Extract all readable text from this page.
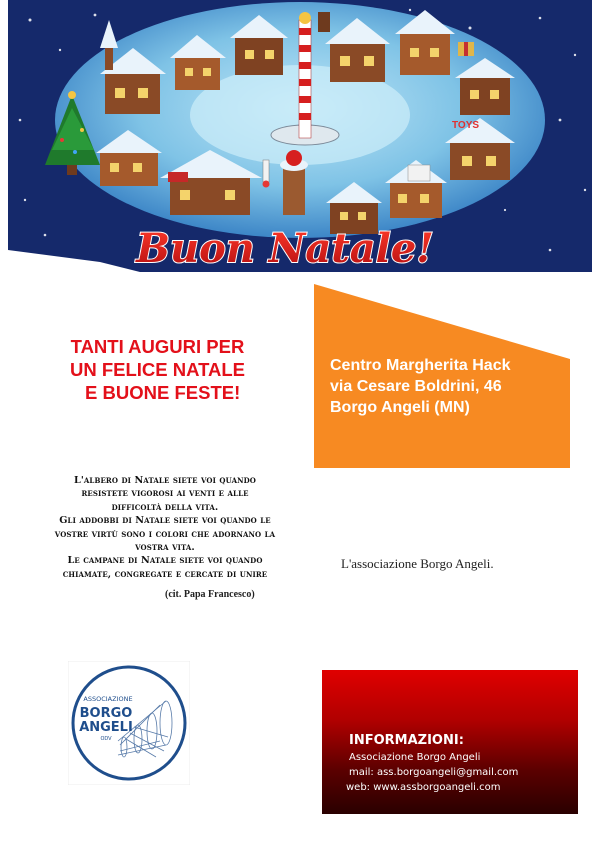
TOYS
Buon Natale!
TANTI AUGURI PER
UN FELICE NATALE
E BUONE FESTE!
Centro Margherita Hack
via Cesare Boldrini, 46
Borgo Angeli (MN)
L'albero di Natale siete voi quando
resistete vigorosi ai venti e alle
difficoltà della vita.
Gli addobbi di Natale siete voi quando le
vostre virtù sono i colori che adornano la
vostra vita.
Le campane di Natale siete voi quando
chiamate, congregate e cercate di unire
(cit. Papa Francesco)
L'associazione Borgo Angeli.
ASSOCIAZIONE
BORGO
ANGELI
ODV	INFORMAZIONI:
Associazione Borgo Angeli
mail: ass.borgoangeli@gmail.com
web: www.assborgoangeli.com
